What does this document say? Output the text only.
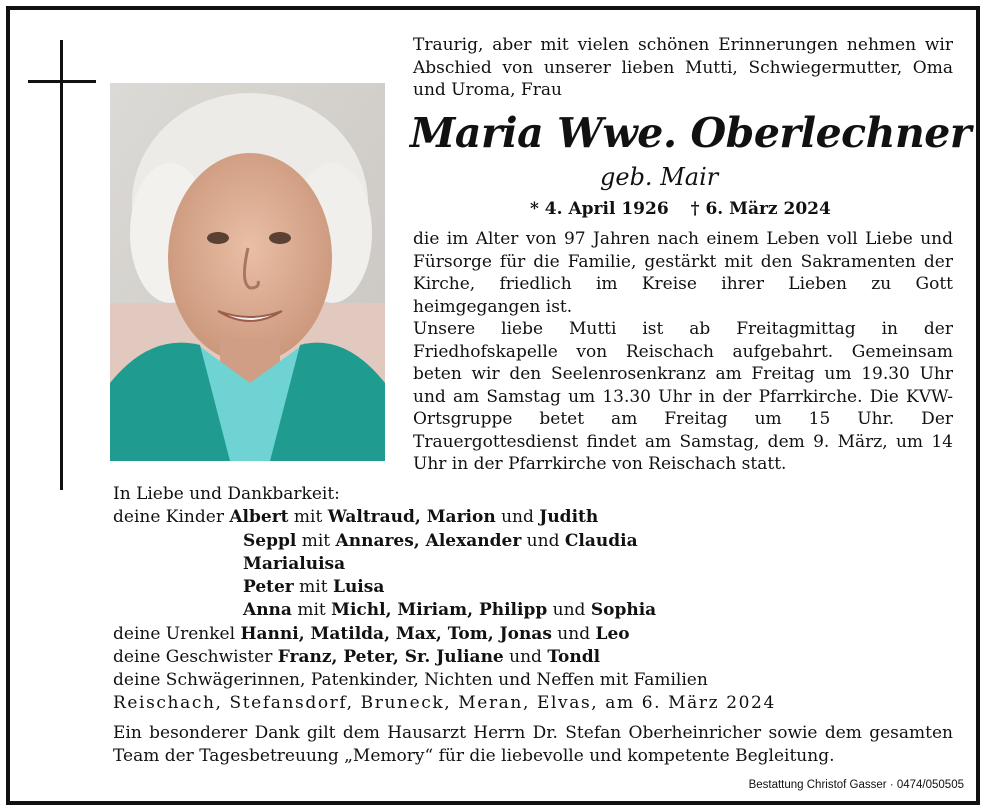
Traurig, aber mit vielen schönen Erinnerungen nehmen wir Abschied von unserer lieben Mutti, Schwiegermutter, Oma und Uroma, Frau
Maria Wwe. Oberlechner
geb. Mair
* 4. April 1926 † 6. März 2024

die im Alter von 97 Jahren nach einem Leben voll Liebe und Fürsorge für die Familie, gestärkt mit den Sakramenten der Kirche, friedlich im Kreise ihrer Lieben zu Gott heimgegangen ist.

Unsere liebe Mutti ist ab Freitagmittag in der Friedhofskapelle von Reischach aufgebahrt. Gemeinsam beten wir den Seelenrosenkranz am Freitag um 19.30 Uhr und am Samstag um 13.30 Uhr in der Pfarrkirche. Die KVW-Ortsgruppe betet am Freitag um 15 Uhr. Der Trauergottesdienst findet am Samstag, dem 9. März, um 14 Uhr in der Pfarrkirche von Reischach statt.

In Liebe und Dankbarkeit:
deine Kinder Albert mit Waltraud, Marion und Judith
Seppl mit Annares, Alexander und Claudia
Marialuisa
Peter mit Luisa
Anna mit Michl, Miriam, Philipp und Sophia
deine Urenkel Hanni, Matilda, Max, Tom, Jonas und Leo
deine Geschwister Franz, Peter, Sr. Juliane und Tondl
deine Schwägerinnen, Patenkinder, Nichten und Neffen mit Familien
Reischach, Stefansdorf, Bruneck, Meran, Elvas, am 6. März 2024
Ein besonderer Dank gilt dem Hausarzt Herrn Dr. Stefan Oberheinricher sowie dem gesamten Team der Tagesbetreuung „Memory“ für die liebevolle und kompetente Begleitung.
Bestattung Christof Gasser · 0474/050505
